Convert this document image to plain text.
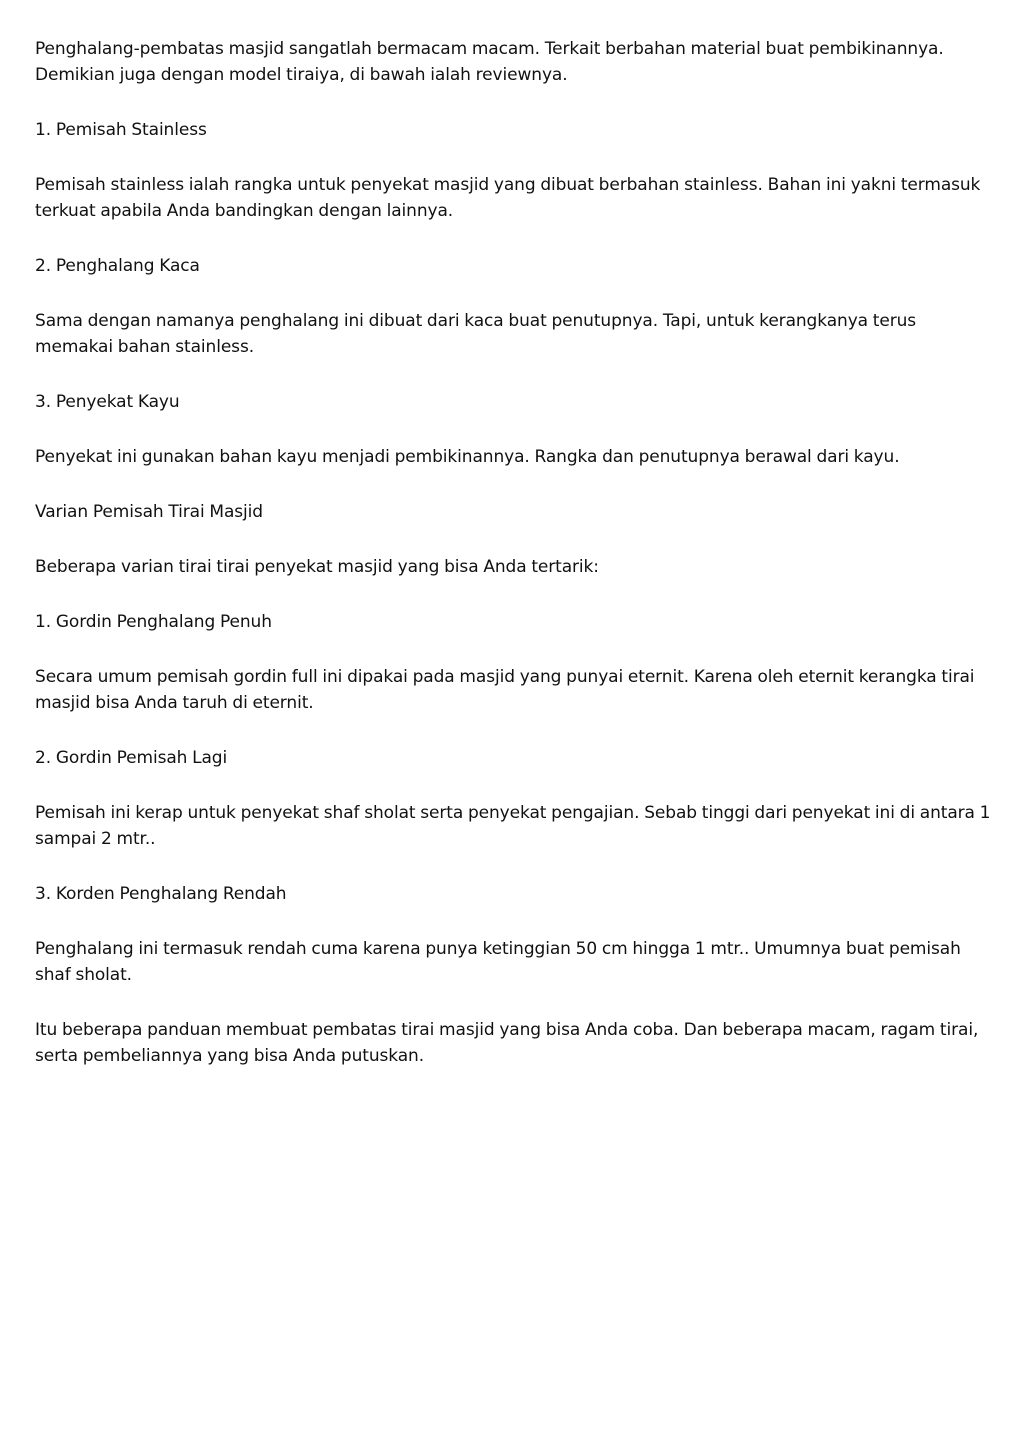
Penghalang-pembatas masjid sangatlah bermacam macam. Terkait berbahan material buat pembikinannya. Demikian juga dengan model tiraiya, di bawah ialah reviewnya.

1. Pemisah Stainless

Pemisah stainless ialah rangka untuk penyekat masjid yang dibuat berbahan stainless. Bahan ini yakni termasuk terkuat apabila Anda bandingkan dengan lainnya.

2. Penghalang Kaca

Sama dengan namanya penghalang ini dibuat dari kaca buat penutupnya. Tapi, untuk kerangkanya terus memakai bahan stainless.

3. Penyekat Kayu

Penyekat ini gunakan bahan kayu menjadi pembikinannya. Rangka dan penutupnya berawal dari kayu.

Varian Pemisah Tirai Masjid

Beberapa varian tirai tirai penyekat masjid yang bisa Anda tertarik:

1. Gordin Penghalang Penuh

Secara umum pemisah gordin full ini dipakai pada masjid yang punyai eternit. Karena oleh eternit kerangka tirai masjid bisa Anda taruh di eternit.

2. Gordin Pemisah Lagi

Pemisah ini kerap untuk penyekat shaf sholat serta penyekat pengajian. Sebab tinggi dari penyekat ini di antara 1 sampai 2 mtr..

3. Korden Penghalang Rendah

Penghalang ini termasuk rendah cuma karena punya ketinggian 50 cm hingga 1 mtr.. Umumnya buat pemisah shaf sholat.

Itu beberapa panduan membuat pembatas tirai masjid yang bisa Anda coba. Dan beberapa macam, ragam tirai, serta pembeliannya yang bisa Anda putuskan.
